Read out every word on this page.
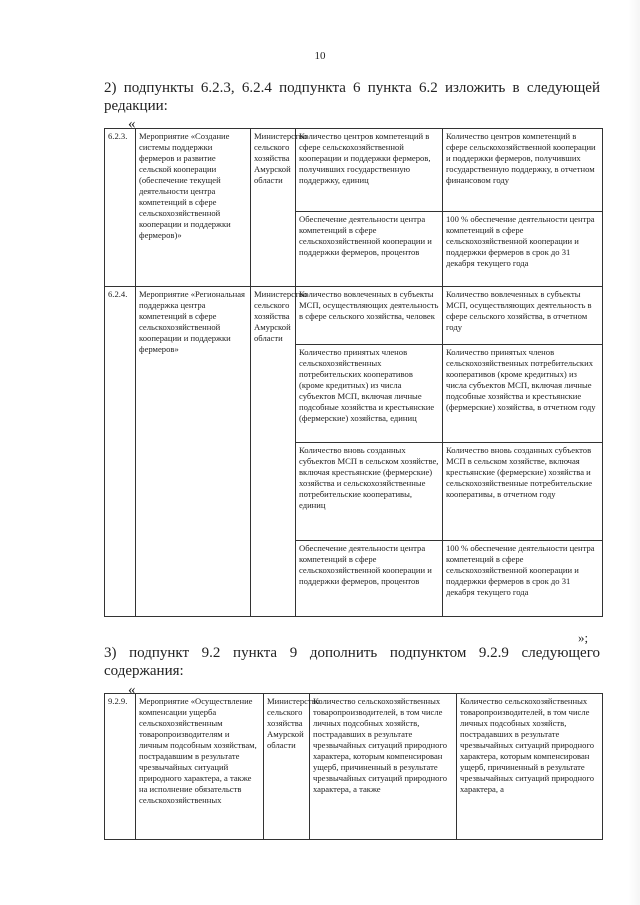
10
2) подпункты 6.2.3, 6.2.4 подпункта 6 пункта 6.2 изложить в следующей
редакции:
«
6.2.3.	Мероприятие «Создание системы поддержки фермеров и развитие сельской кооперации (обеспечение текущей деятельности центра компетенций в сфере сельскохозяйственной кооперации и поддержки фермеров)»	Министерство сельского хозяйства Амурской области	Количество центров компетенций в сфере сельскохозяйственной кооперации и поддержки фермеров, получивших государственную поддержку, единиц	Количество центров компетенций в сфере сельскохозяйственной кооперации и поддержки фермеров, получивших государственную поддержку, в отчетном финансовом году
			Обеспечение деятельности центра компетенций в сфере сельскохозяйственной кооперации и поддержки фермеров, процентов	100 % обеспечение деятельности центра компетенций в сфере сельскохозяйственной кооперации и поддержки фермеров в срок до 31 декабря текущего года
6.2.4.	Мероприятие «Региональная поддержка центра компетенций в сфере сельскохозяйственной кооперации и поддержки фермеров»	Министерство сельского хозяйства Амурской области	Количество вовлеченных в субъекты МСП, осуществляющих деятельность в сфере сельского хозяйства, человек	Количество вовлеченных в субъекты МСП, осуществляющих деятельность в сфере сельского хозяйства, в отчетном году
			Количество принятых членов сельскохозяйственных потребительских кооперативов (кроме кредитных) из числа субъектов МСП, включая личные подсобные хозяйства и крестьянские (фермерские) хозяйства, единиц	Количество принятых членов сельскохозяйственных потребительских кооперативов (кроме кредитных) из числа субъектов МСП, включая личные подсобные хозяйства и крестьянские (фермерские) хозяйства, в отчетном году
			Количество вновь созданных субъектов МСП в сельском хозяйстве, включая крестьянские (фермерские) хозяйства и сельскохозяйственные потребительские кооперативы, единиц	Количество вновь созданных субъектов МСП в сельском хозяйстве, включая крестьянские (фермерские) хозяйства и сельскохозяйственные потребительские кооперативы, в отчетном году
			Обеспечение деятельности центра компетенций в сфере сельскохозяйственной кооперации и поддержки фермеров, процентов	100 % обеспечение деятельности центра компетенций в сфере сельскохозяйственной кооперации и поддержки фермеров в срок до 31 декабря текущего года
»;
3) подпункт 9.2 пункта 9 дополнить подпунктом 9.2.9 следующего
содержания:
«
9.2.9.	Мероприятие «Осуществление компенсации ущерба сельскохозяйственным товаропроизводителям и личным подсобным хозяйствам, пострадавшим в результате чрезвычайных ситуаций природного характера, а также на исполнение обязательств сельскохозяйственных	Министерство сельского хозяйства Амурской области	Количество сельскохозяйственных товаропроизводителей, в том числе личных подсобных хозяйств, пострадавших в результате чрезвычайных ситуаций природного характера, которым компенсирован ущерб, причиненный в результате чрезвычайных ситуаций природного характера, а также	Количество сельскохозяйственных товаропроизводителей, в том числе личных подсобных хозяйств, пострадавших в результате чрезвычайных ситуаций природного характера, которым компенсирован ущерб, причиненный в результате чрезвычайных ситуаций природного характера, а
